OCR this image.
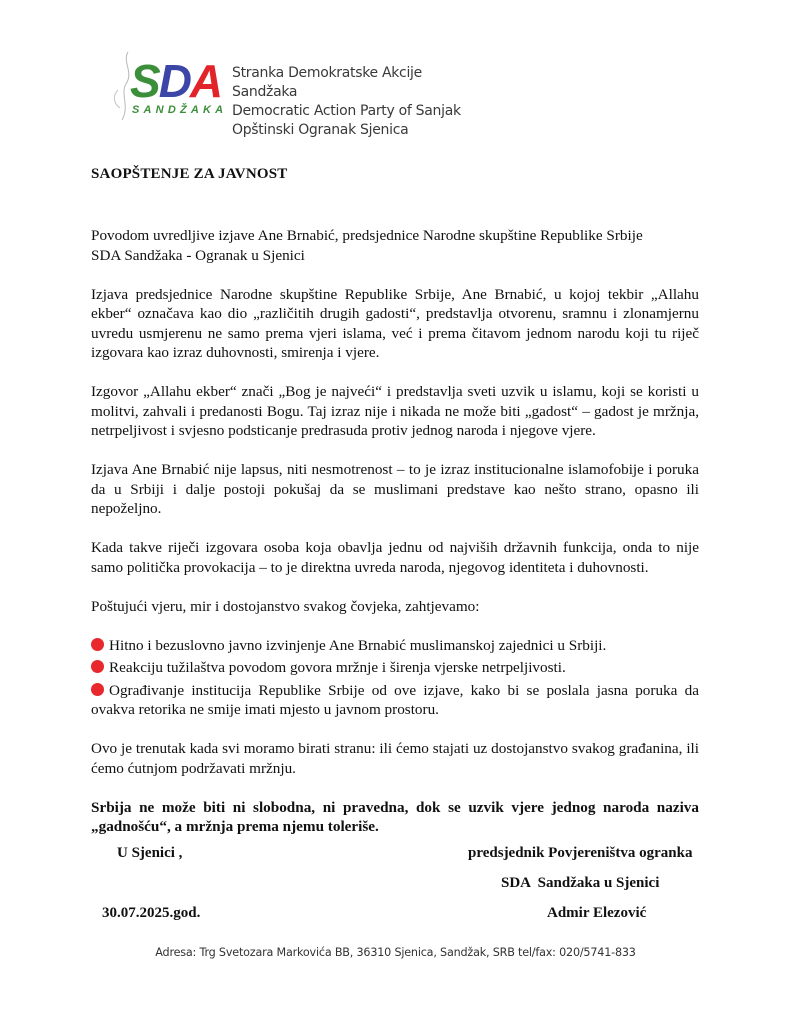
SDA
SANDŽAKA
Stranka Demokratske Akcije Sandžaka
Democratic Action Party of Sanjak
Opštinski Ogranak Sjenica
SAOPŠTENJE ZA JAVNOST

Povodom uvredljive izjave Ane Brnabić, predsjednice Narodne skupštine Republike Srbije
SDA Sandžaka - Ogranak u Sjenici

Izjava predsjednice Narodne skupštine Republike Srbije, Ane Brnabić, u kojoj tekbir „Allahu ekber“ označava kao dio „različitih drugih gadosti“, predstavlja otvorenu, sramnu i zlonamjernu uvredu usmjerenu ne samo prema vjeri islama, već i prema čitavom jednom narodu koji tu riječ izgovara kao izraz duhovnosti, smirenja i vjere.

Izgovor „Allahu ekber“ znači „Bog je najveći“ i predstavlja sveti uzvik u islamu, koji se koristi u molitvi, zahvali i predanosti Bogu. Taj izraz nije i nikada ne može biti „gadost“ – gadost je mržnja, netrpeljivost i svjesno podsticanje predrasuda protiv jednog naroda i njegove vjere.

Izjava Ane Brnabić nije lapsus, niti nesmotrenost – to je izraz institucionalne islamofobije i poruka da u Srbiji i dalje postoji pokušaj da se muslimani predstave kao nešto strano, opasno ili nepoželjno.

Kada takve riječi izgovara osoba koja obavlja jednu od najviših državnih funkcija, onda to nije samo politička provokacija – to je direktna uvreda naroda, njegovog identiteta i duhovnosti.

Poštujući vjeru, mir i dostojanstvo svakog čovjeka, zahtjevamo:

Hitno i bezuslovno javno izvinjenje Ane Brnabić muslimanskoj zajednici u Srbiji.
Reakciju tužilaštva povodom govora mržnje i širenja vjerske netrpeljivosti.
Ograđivanje institucija Republike Srbije od ove izjave, kako bi se poslala jasna poruka da ovakva retorika ne smije imati mjesto u javnom prostoru.

Ovo je trenutak kada svi moramo birati stranu: ili ćemo stajati uz dostojanstvo svakog građanina, ili ćemo ćutnjom podržavati mržnju.

Srbija ne može biti ni slobodna, ni pravedna, dok se uzvik vjere jednog naroda naziva „gadnošću“, a mržnja prema njemu toleriše.

U Sjenici ,
30.07.2025.god.
predsjednik Povjereništva ogranka
SDA  Sandžaka u Sjenici
Admir Elezović
Adresa: Trg Svetozara Markovića BB, 36310 Sjenica, Sandžak, SRB tel/fax: 020/5741-833
